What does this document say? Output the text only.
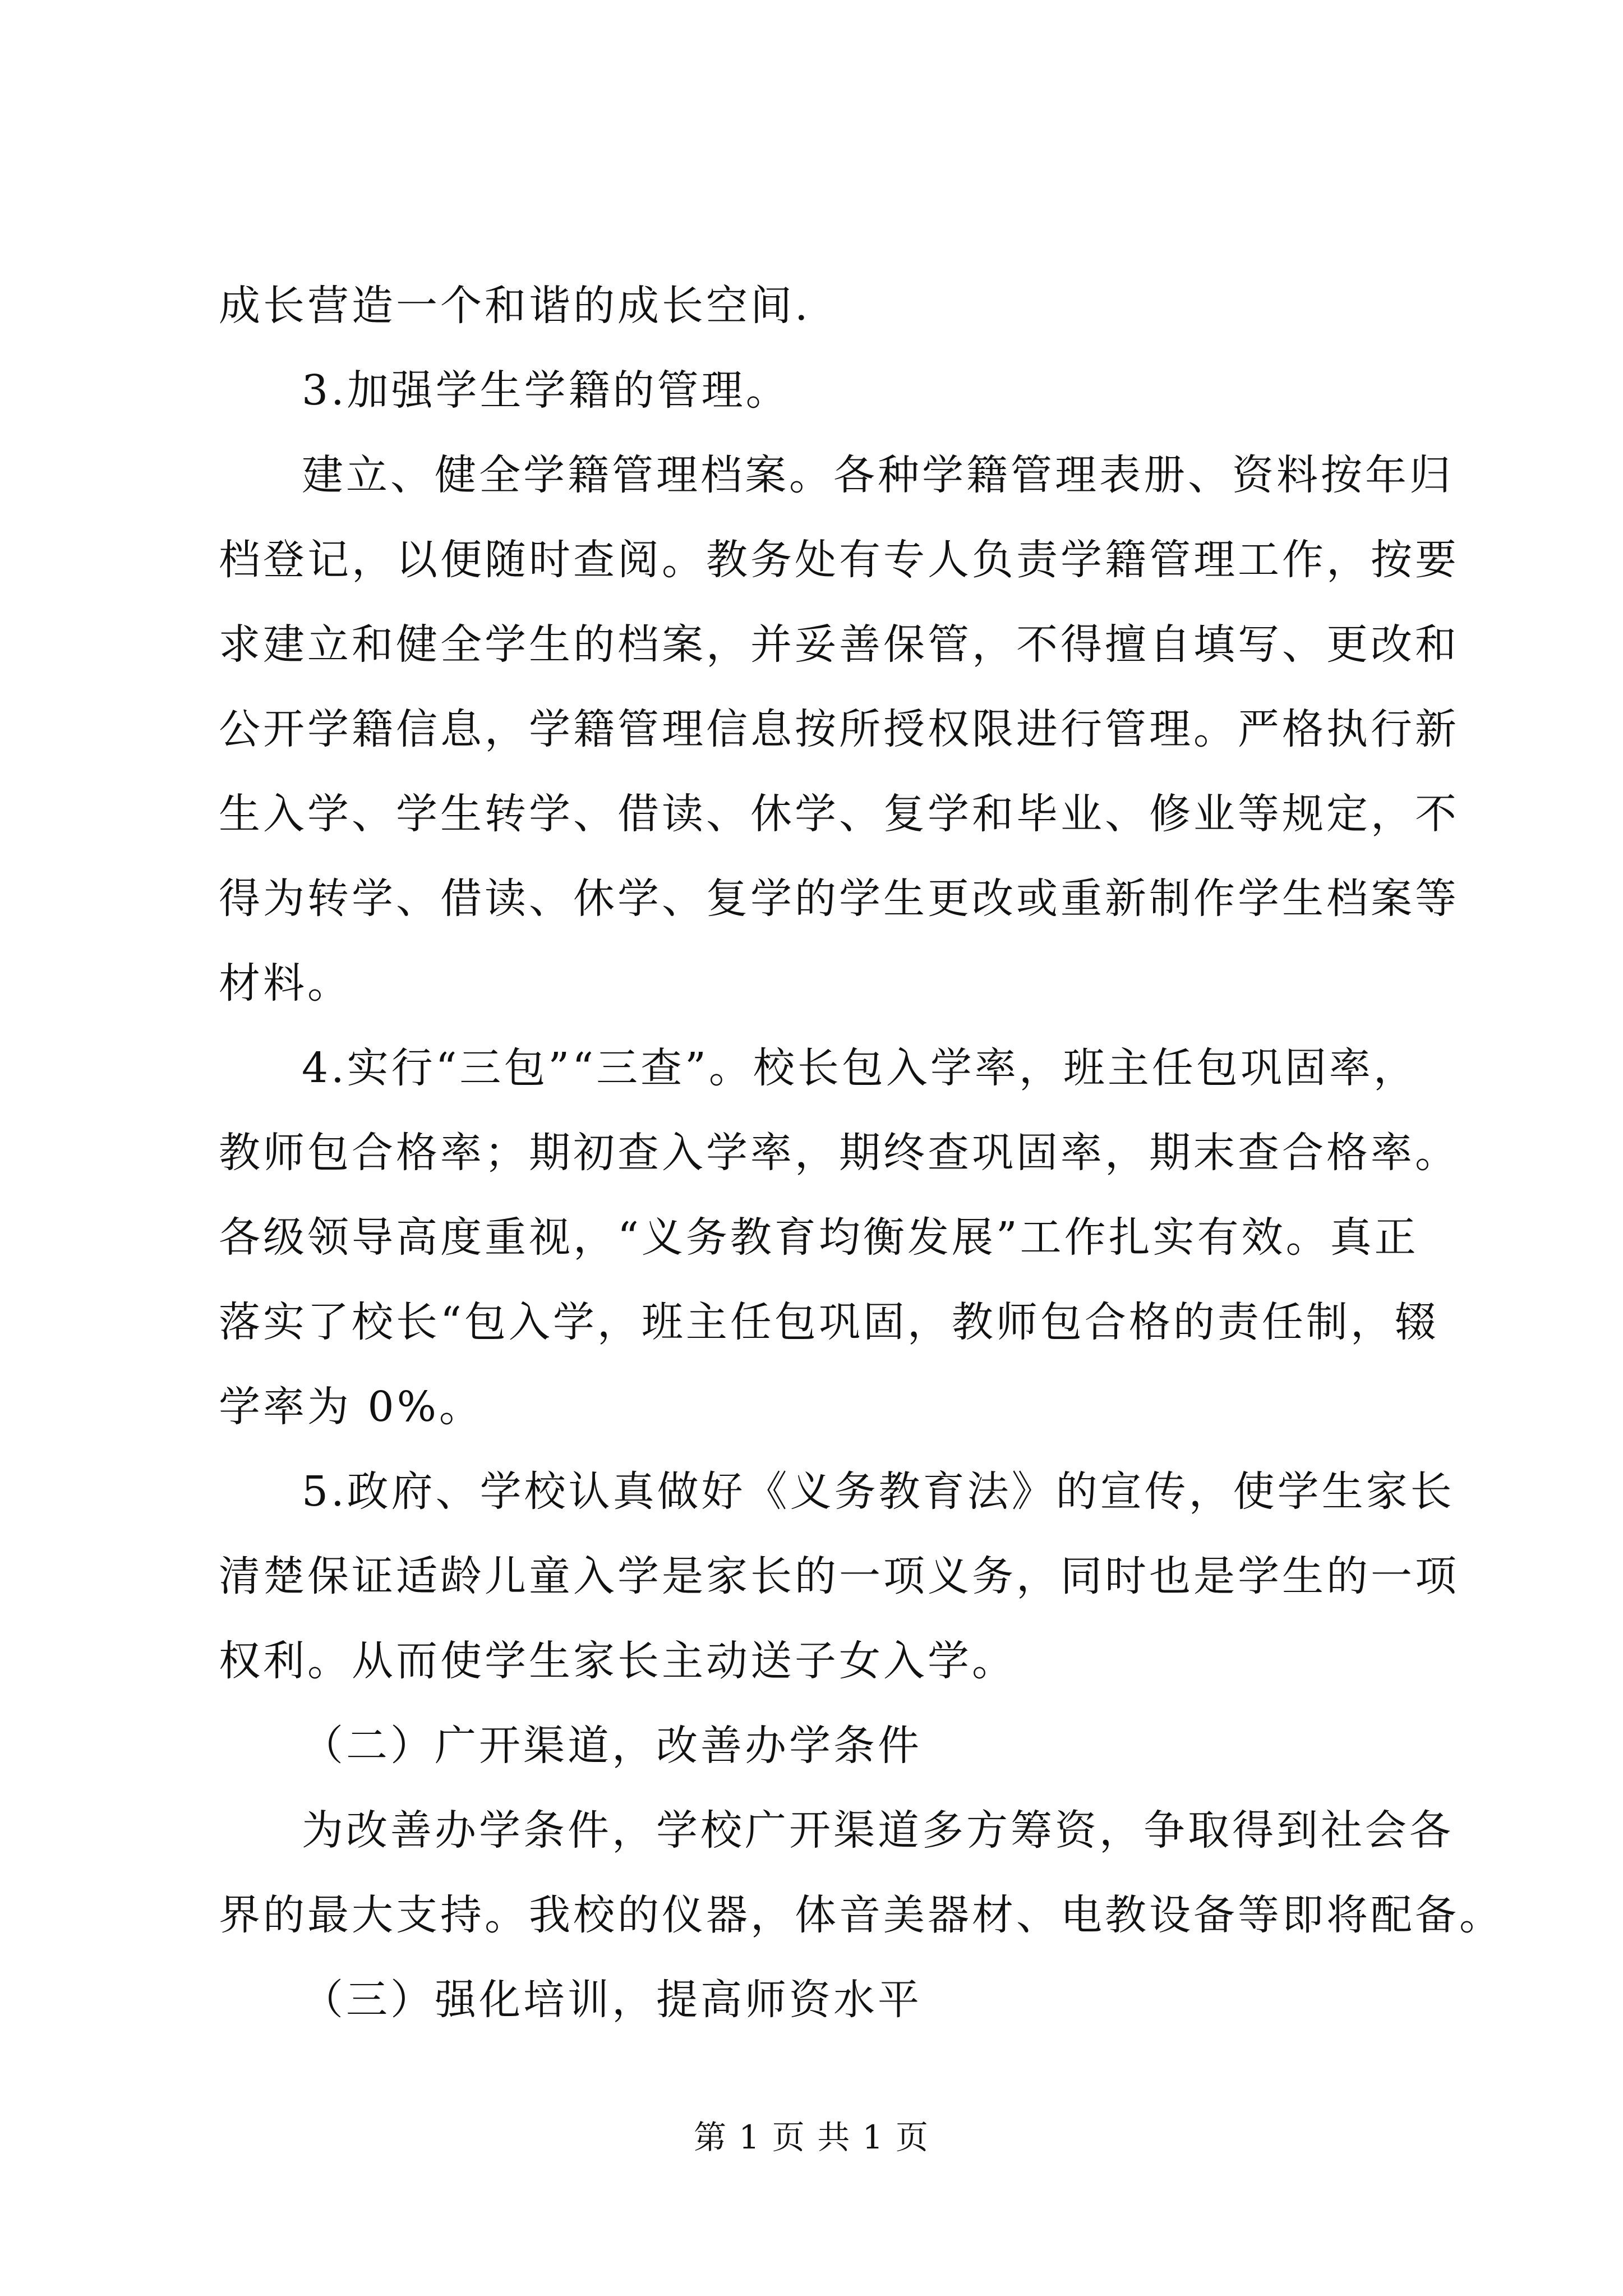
成长营造一个和谐的成长空间.
3.加强学生学籍的管理。
建立、健全学籍管理档案。各种学籍管理表册、资料按年归
档登记，以便随时查阅。教务处有专人负责学籍管理工作，按要
求建立和健全学生的档案，并妥善保管，不得擅自填写、更改和
公开学籍信息，学籍管理信息按所授权限进行管理。严格执行新
生入学、学生转学、借读、休学、复学和毕业、修业等规定，不
得为转学、借读、休学、复学的学生更改或重新制作学生档案等
材料。
4.实行“三包”“三查”。校长包入学率，班主任包巩固率，
教师包合格率；期初查入学率，期终查巩固率，期末查合格率。
各级领导高度重视，“义务教育均衡发展”工作扎实有效。真正
落实了校长“包入学，班主任包巩固，教师包合格的责任制，辍
学率为 0%。
5.政府、学校认真做好《义务教育法》的宣传，使学生家长
清楚保证适龄儿童入学是家长的一项义务，同时也是学生的一项
权利。从而使学生家长主动送子女入学。
（二）广开渠道，改善办学条件
为改善办学条件，学校广开渠道多方筹资，争取得到社会各
界的最大支持。我校的仪器，体音美器材、电教设备等即将配备。
（三）强化培训，提高师资水平
第 1 页 共 1 页
